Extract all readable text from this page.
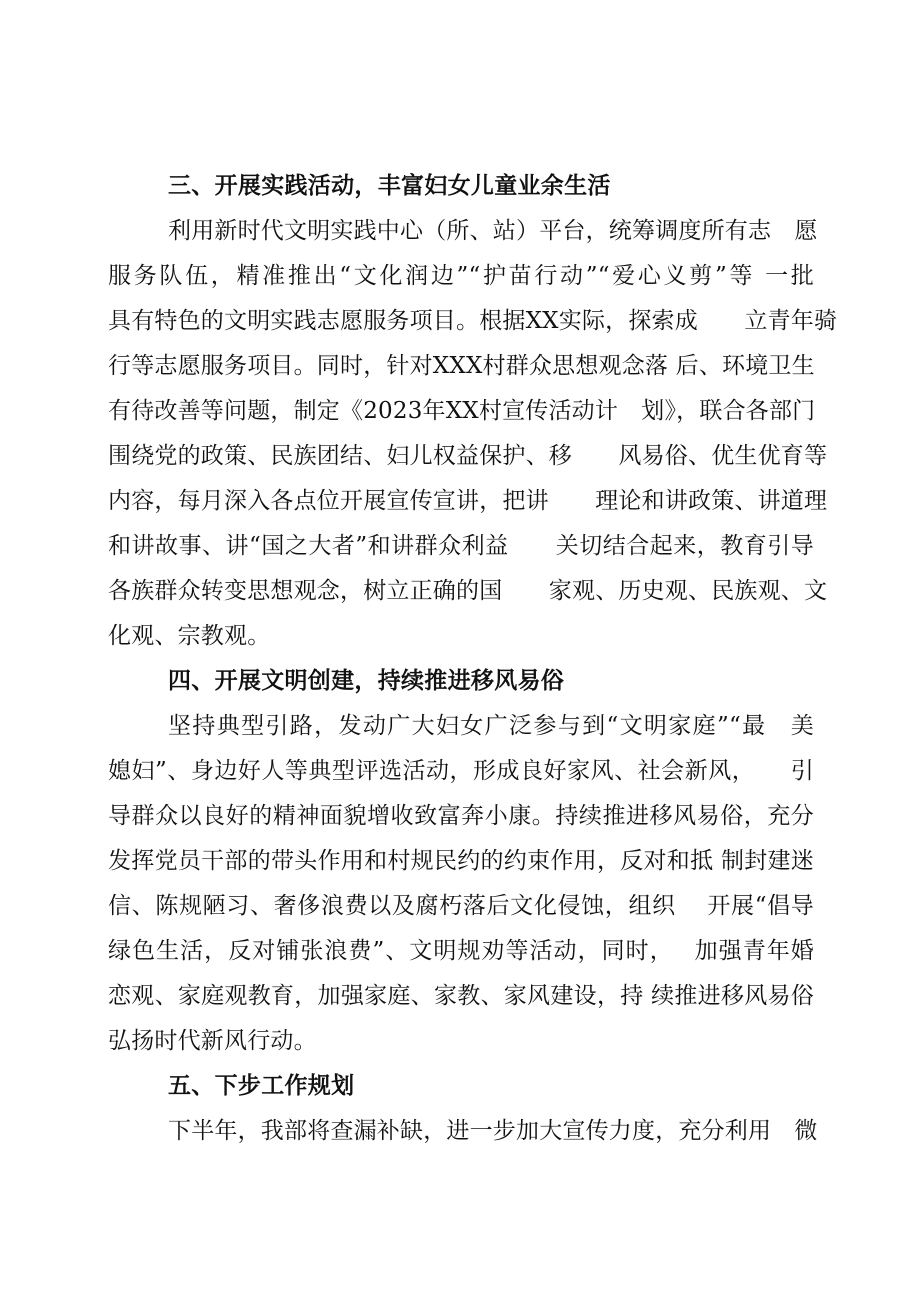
三、开展实践活动，丰富妇女儿童业余生活
利用新时代文明实践中心（所、站）平台，统筹调度所有志　愿
服务队伍，精准推出“文化润边”“护苗行动”“爱心义剪”等 一批
具有特色的文明实践志愿服务项目。根据XX实际，探索成　　立青年骑
行等志愿服务项目。同时，针对XXX村群众思想观念落 后、环境卫生
有待改善等问题，制定《2023年XX村宣传活动计　划》，联合各部门
围绕党的政策、民族团结、妇儿权益保护、移　　风易俗、优生优育等
内容，每月深入各点位开展宣传宣讲，把讲　　理论和讲政策、讲道理
和讲故事、讲“国之大者”和讲群众利益　　关切结合起来，教育引导
各族群众转变思想观念，树立正确的国　　家观、历史观、民族观、文
化观、宗教观。
四、开展文明创建，持续推进移风易俗
坚持典型引路，发动广大妇女广泛参与到“文明家庭”“最　美
媳妇”、身边好人等典型评选活动，形成良好家风、社会新风，　　引
导群众以良好的精神面貌增收致富奔小康。持续推进移风易俗，充分
发挥党员干部的带头作用和村规民约的约束作用，反对和抵 制封建迷
信、陈规陋习、奢侈浪费以及腐朽落后文化侵蚀，组织　 开展“倡导
绿色生活，反对铺张浪费”、文明规劝等活动，同时，　 加强青年婚
恋观、家庭观教育，加强家庭、家教、家风建设，持 续推进移风易俗
弘扬时代新风行动。
五、下步工作规划
下半年，我部将查漏补缺，进一步加大宣传力度，充分利用　微
